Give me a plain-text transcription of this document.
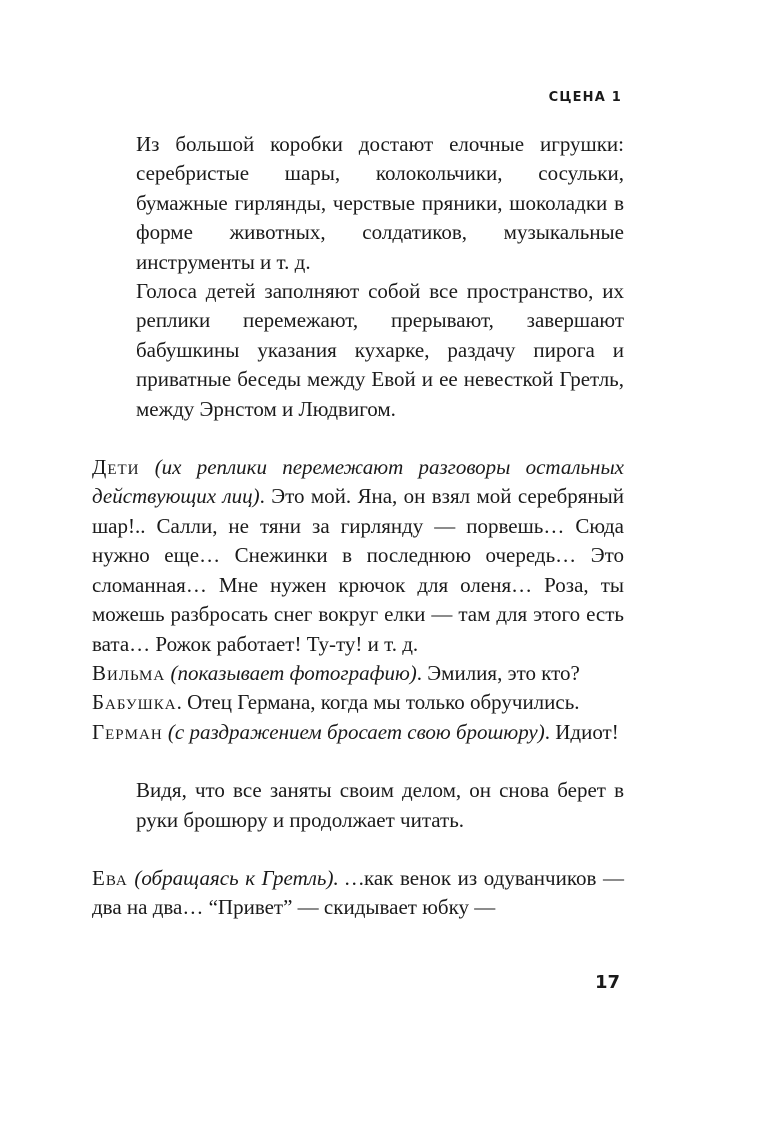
СЦЕНА 1

Из большой коробки достают елочные игрушки: серебристые шары, колокольчики, сосульки, бумажные гирлянды, черствые пряники, шоколадки в форме животных, солдатиков, музыкальные инструменты и т. д.

Голоса детей заполняют собой все пространство, их реплики перемежают, прерывают, завершают бабушкины указания кухарке, раздачу пирога и приватные беседы между Евой и ее невесткой Гретль, между Эрнстом и Людвигом.

Дети (их реплики перемежают разговоры остальных действующих лиц). Это мой. Яна, он взял мой серебряный шар!.. Салли, не тяни за гирлянду — порвешь… Сюда нужно еще… Снежинки в последнюю очередь… Это сломанная… Мне нужен крючок для оленя… Роза, ты можешь разбросать снег вокруг елки — там для этого есть вата… Рожок работает! Ту-ту! и т. д.

Вильма (показывает фотографию). Эмилия, это кто?

Бабушка. Отец Германа, когда мы только обручились.

Герман (с раздражением бросает свою брошюру). Идиот!

Видя, что все заняты своим делом, он снова берет в руки брошюру и продолжает читать.

Ева (обращаясь к Гретль). …как венок из одуванчиков — два на два… “Привет” — скидывает юбку —

17
